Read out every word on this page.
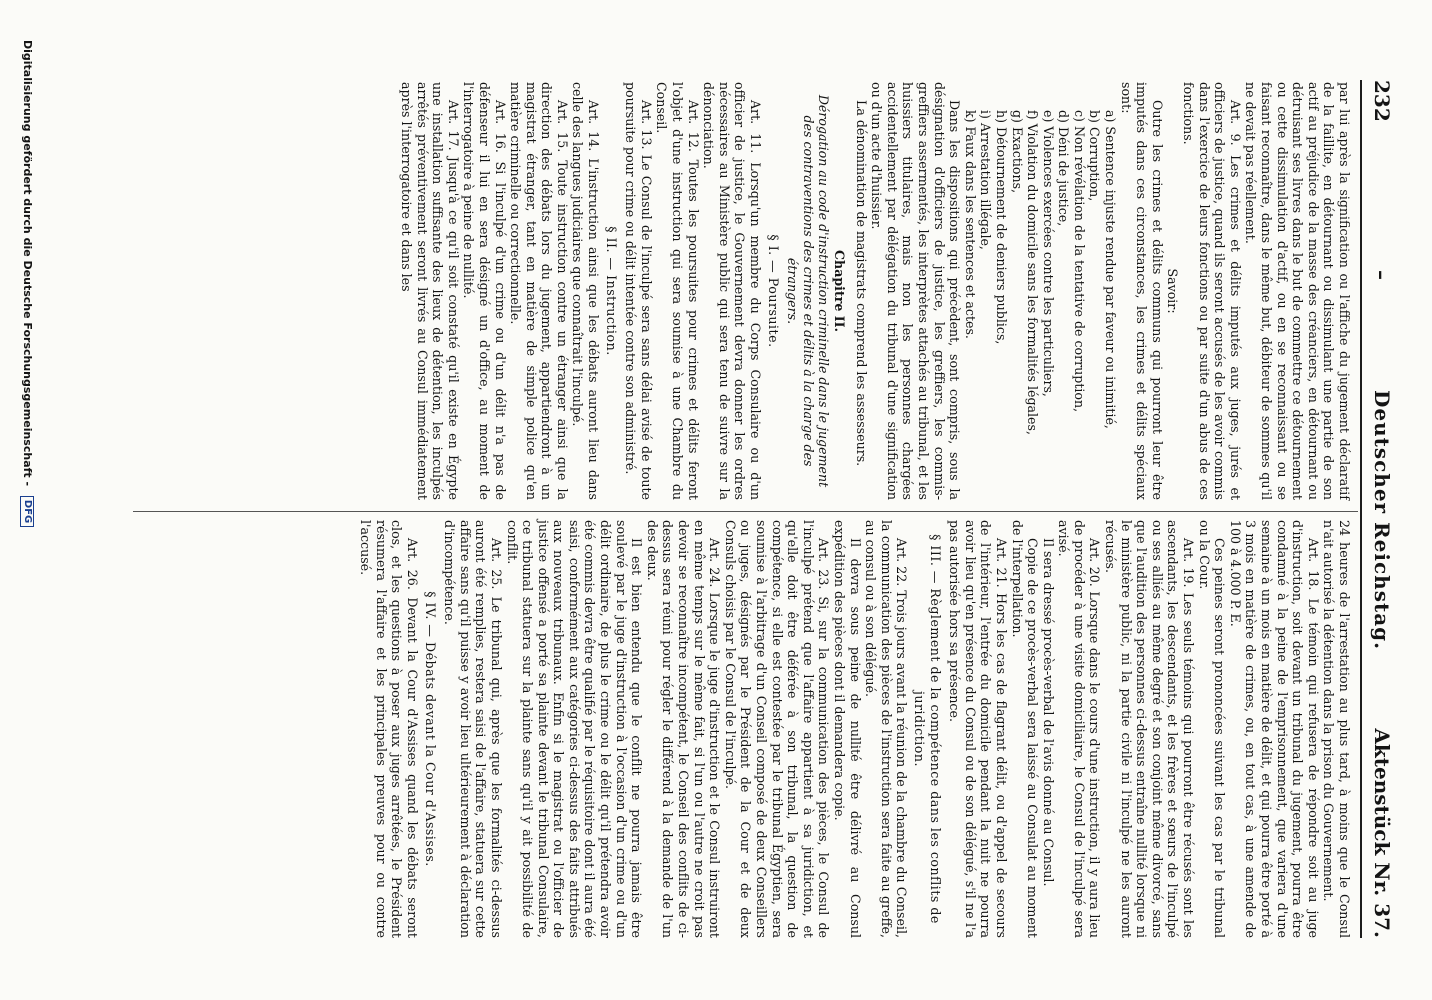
232
–
Deutscher Reichstag.
Aktenstück Nr. 37.

par lui après la signification ou l'affiche du jugement déclaratif de la faillite, en détournant ou dissimulant une partie de son actif au préjudice de la masse des créanciers, en détournant ou détruisant ses livres dans le but de commettre ce détournement ou cette dissimulation d'actif, ou en se reconnaissant ou se faisant reconnaître, dans le même but, débiteur de sommes qu'il ne devait pas réellement.

Art. 9. Les crimes et délits imputés aux juges, jurés et officiers de justice, quand ils seront accusés de les avoir commis dans l'exercice de leurs fonctions ou par suite d'un abus de ces fonctions.

Savoir:

Outre les crimes et délits communs qui pourront leur être imputés dans ces circonstances, les crimes et délits spéciaux sont:

a) Sentence injuste rendue par faveur ou inimitié,
b) Corruption,
c) Non révélation de la tentative de corruption,
d) Déni de justice,
e) Violences exercées contre les particuliers,
f) Violation du domicile sans les formalités légales,
g) Exactions,
h) Détournement de deniers publics,
i) Arrestation illégale,
k) Faux dans les sentences et actes.

Dans les dispositions qui précèdent, sont compris, sous la désignation d'officiers de justice, les greffiers, les commis-greffiers assermentés, les interprètes attachés au tribunal, et les huissiers titulaires, mais non les personnes chargées accidentellement par délégation du tribunal d'une signification ou d'un acte d'huissier.

La dénomination de magistrats comprend les assesseurs.

Chapitre II.

Dérogation au code d'instruction criminelle dans le jugement des contraventions des crimes et délits à la charge des étrangers.

§ I. — Poursuite.

Art. 11. Lorsqu'un membre du Corps Consulaire ou d'un officier de justice, le Gouvernement devra donner les ordres nécessaires au Ministère public qui sera tenu de suivre sur la dénonciation.

Art. 12. Toutes les poursuites pour crimes et délits feront l'objet d'une instruction qui sera soumise à une Chambre du Conseil.

Art. 13. Le Consul de l'inculpé sera sans délai avisé de toute poursuite pour crime ou délit intentée contre son administré.

§ II. — Instruction.

Art. 14. L'instruction ainsi que les débats auront lieu dans celle des langues judiciaires que connaîtrait l'inculpé.

Art. 15. Toute instruction contre un étranger ainsi que la direction des débats lors du jugement, appartiendront à un magistrat étranger, tant en matière de simple police qu'en matière criminelle ou correctionnelle.

Art. 16. Si l'inculpé d'un crime ou d'un délit n'a pas de défenseur il lui en sera désigné un d'office, au moment de l'interrogatoire à peine de nullité.

Art. 17. Jusqu'à ce qu'il soit constaté qu'il existe en Égypte une installation suffisante des lieux de détention, les inculpés arrêtés préventivement seront livrés au Consul immédiatement après l'interrogatoire et dans les

24 heures de l'arrestation au plus tard, à moins que le Consul n'ait autorisé la détention dans la prison du Gouvernement.

Art. 18. Le témoin qui refusera de répondre soit au juge d'instruction, soit devant un tribunal du jugement, pourra être condamné à la peine de l'emprisonnement, que variera d'une semaine à un mois en matière de délit, et qui pourra être porté à 3 mois en matière de crimes, ou, en tout cas, à une amende de 100 à 4.000 P. E.

Ces peines seront prononcées suivant les cas par le tribunal ou la Cour.

Art. 19. Les seuls témoins qui pourront être récusés sont les ascendants, les descendants, et les frères et sœurs de l'inculpé ou ses alliés au même degré et son conjoint même divorcé, sans que l'audition des personnes ci-dessus entraîne nullité lorsque ni le ministère public, ni la partie civile ni l'inculpé ne les auront récusés.

Art. 20. Lorsque dans le cours d'une instruction, il y aura lieu de procéder à une visite domiciliaire, le Consul de l'inculpé sera avisé.

Il sera dressé procès-verbal de l'avis donné au Consul.

Copie de ce procès-verbal sera laissé au Consulat au moment de l'interpellation.

Art. 21. Hors les cas de flagrant délit, ou d'appel de secours de l'intérieur, l'entrée du domicile pendant la nuit ne pourra avoir lieu qu'en présence du Consul ou de son délégué, s'il ne l'a pas autorisée hors sa présence.

§ III. — Règlement de la compétence dans les conflits de juridiction.

Art. 22. Trois jours avant la réunion de la chambre du Conseil, la communication des pièces de l'instruction sera faite au greffe, au consul ou à son délégué.

Il devra sous peine de nullité être délivré au Consul expédition des pièces dont il demandera copie.

Art. 23. Si, sur la communication des pièces, le Consul de l'inculpé prétend que l'affaire appartient à sa juridiction, et qu'elle doit être déférée à son tribunal, la question de compétence, si elle est contestée par le tribunal Égyptien, sera soumise à l'arbitrage d'un Conseil composé de deux Conseillers ou juges, désignés par le Président de la Cour et de deux Consuls choisis par le Consul de l'inculpé.

Art. 24. Lorsque le juge d'instruction et le Consul instruiront en même temps sur le même fait, si l'un ou l'autre ne croit pas devoir se reconnaître incompétent, le Conseil des conflits de ci-dessus sera réuni pour régler le différend à la demande de l'un des deux.

Il est bien entendu que le conflit ne pourra jamais être soulevé par le juge d'instruction à l'occasion d'un crime ou d'un délit ordinaire, de plus le crime ou le délit qu'il prétendra avoir été commis devra être qualifié par le réquisitoire dont il aura été saisi, conformément aux catégories ci-dessus des faits attribués aux nouveaux tribunaux. Enfin si le magistrat ou l'officier de justice offensé a porté sa plainte devant le tribunal Consulaire, ce tribunal statuera sur la plainte sans qu'il y ait possibilité de conflit.

Art. 25. Le tribunal qui, après que les formalités ci-dessus auront été remplies, restera saisi de l'affaire, statuera sur cette affaire sans qu'il puisse y avoir lieu ultérieurement à déclaration d'incompétence.

§ IV. — Débats devant la Cour d'Assises.

Art. 26. Devant la Cour d'Assises quand les débats seront clos, et les questions à poser aux juges arrêtées, le Président résumera l'affaire et les principales preuves pour ou contre l'accusé.

Digitalisierung gefördert durch die Deutsche Forschungsgemeinschaft - DFG
